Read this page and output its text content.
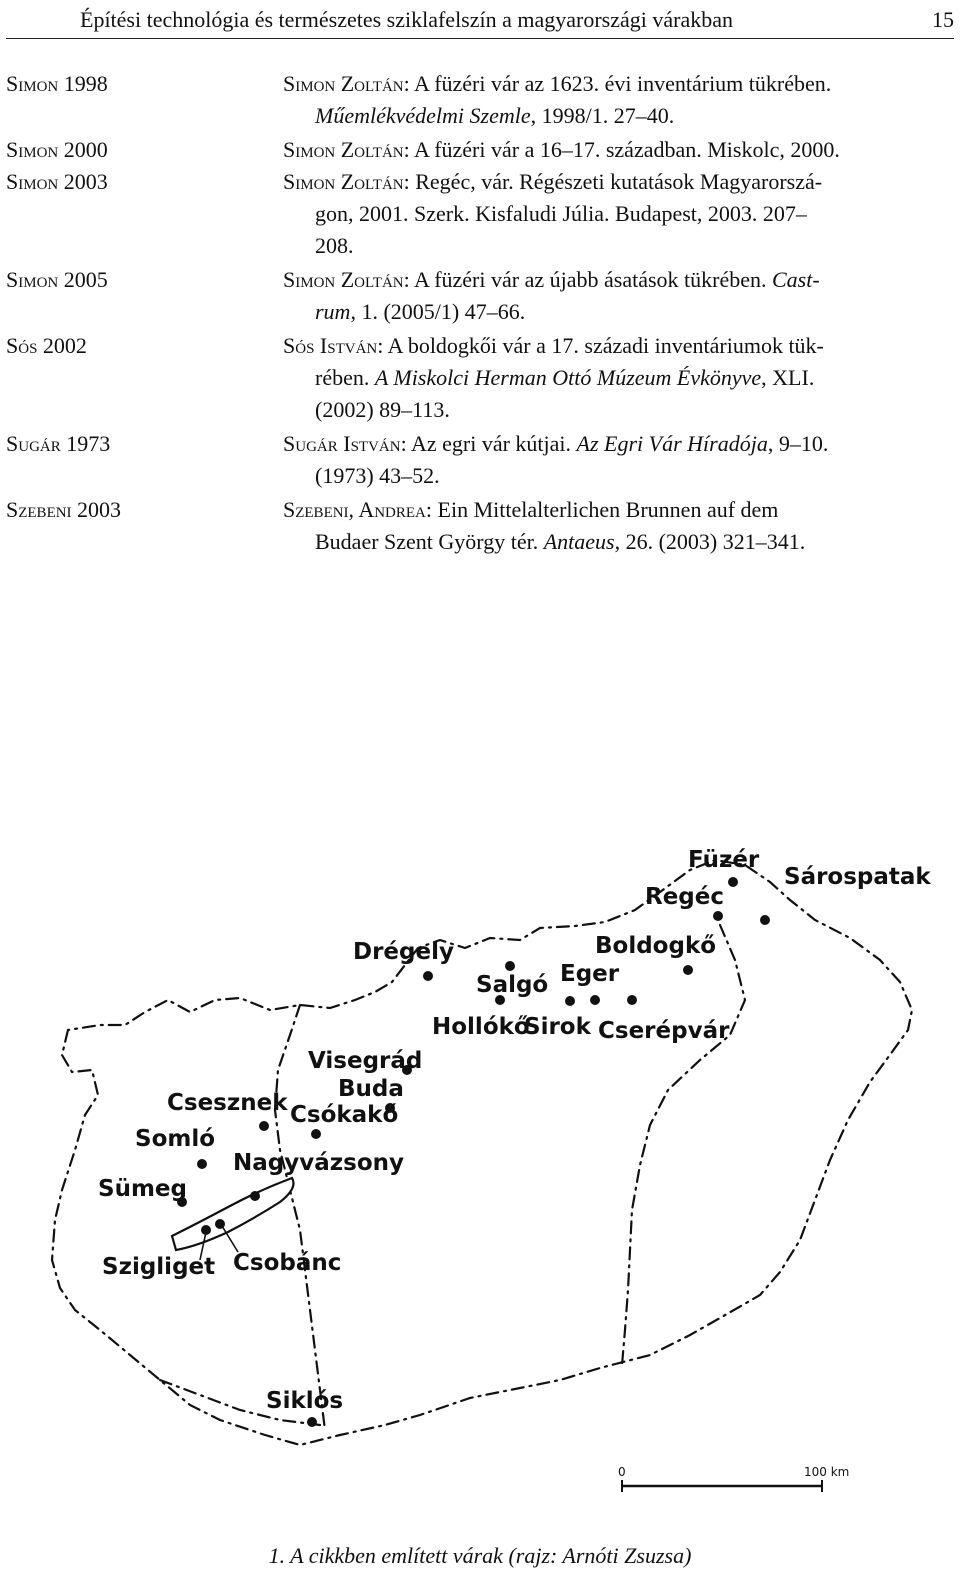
Építési technológia és természetes sziklafelszín a magyarországi várakban	15
Simon 1998	Simon Zoltán: A füzéri vár az 1623. évi inventárium tükrében.
Műemlékvédelmi Szemle, 1998/1. 27–40.
Simon 2000	Simon Zoltán: A füzéri vár a 16–17. században. Miskolc, 2000.
Simon 2003	Simon Zoltán: Regéc, vár. Régészeti kutatások Magyarorszá-
gon, 2001. Szerk. Kisfaludi Júlia. Budapest, 2003. 207–
208.
Simon 2005	Simon Zoltán: A füzéri vár az újabb ásatások tükrében. Cast-
rum, 1. (2005/1) 47–66.
Sós 2002	Sós István: A boldogkői vár a 17. századi inventáriumok tük-
rében. A Miskolci Herman Ottó Múzeum Évkönyve, XLI.
(2002) 89–113.
Sugár 1973	Sugár István: Az egri vár kútjai. Az Egri Vár Híradója, 9–10.
(1973) 43–52.
Szebeni 2003	Szebeni, Andrea: Ein Mittelalterlichen Brunnen auf dem
Budaer Szent György tér. Antaeus, 26. (2003) 321–341.
Füzér
Sárospatak
Regéc
Boldogkő
Drégely
Eger
Salgó
Hollókő
Sirok Cserépvár
Visegrád
Buda
Csesznek Csókakő
Somló
Nagyvázsony
Sümeg
Szigliget Csobánc
Siklós
0	100 km
1. A cikkben említett várak (rajz: Arnóti Zsuzsa)
